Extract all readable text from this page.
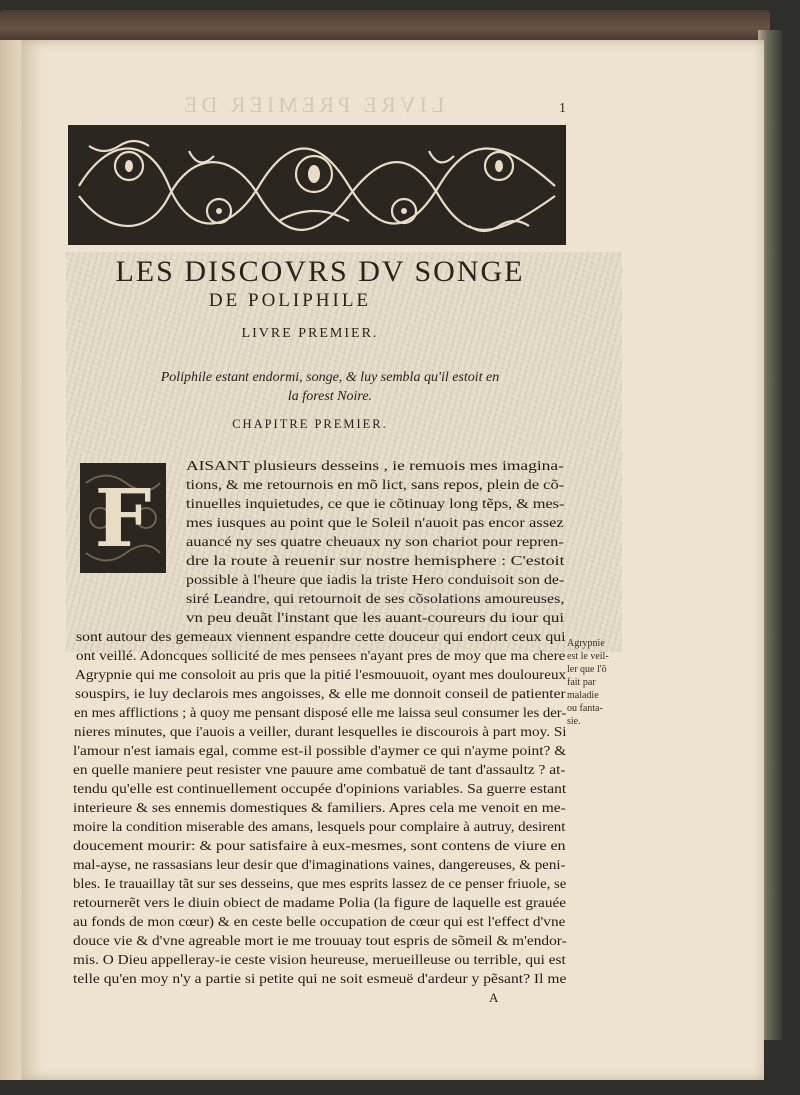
LIVRE PREMIER DE	1
LES DISCOVRS DV SONGE
DE POLIPHILE
LIVRE PREMIER.
Poliphile estant endormi, songe, & luy sembla qu'il estoit en
la forest Noire.
CHAPITRE PREMIER.
F
AISANT plusieurs desseins , ie remuois mes imagina-
tions, & me retournois en mõ lict, sans repos, plein de cõ-
tinuelles inquietudes, ce que ie cõtinuay long tẽps, & mes-
mes iusques au point que le Soleil n'auoit pas encor assez
auancé ny ses quatre cheuaux ny son chariot pour repren-
dre la route à reuenir sur nostre hemisphere : C'estoit
possible à l'heure que iadis la triste Hero conduisoit son de-
siré Leandre, qui retournoit de ses cõsolations amoureuses,
vn peu deuãt l'instant que les auant-coureurs du iour qui
sont autour des gemeaux viennent espandre cette douceur qui endort ceux qui
ont veillé. Adoncques sollicité de mes pensees n'ayant pres de moy que ma chere
Agrypnie qui me consoloit au pris que la pitié l'esmouuoit, oyant mes douloureux
souspirs, ie luy declarois mes angoisses, & elle me donnoit conseil de patienter
en mes afflictions ; à quoy me pensant disposé elle me laissa seul consumer les der-
nieres minutes, que i'auois a veiller, durant lesquelles ie discourois à part moy. Si
l'amour n'est iamais egal, comme est-il possible d'aymer ce qui n'ayme point? &
en quelle maniere peut resister vne pauure ame combatuë de tant d'assaultz ? at-
tendu qu'elle est continuellement occupée d'opinions variables. Sa guerre estant
interieure & ses ennemis domestiques & familiers. Apres cela me venoit en me-
moire la condition miserable des amans, lesquels pour complaire à autruy, desirent
doucement mourir: & pour satisfaire à eux-mesmes, sont contens de viure en
mal-ayse, ne rassasians leur desir que d'imaginations vaines, dangereuses, & peni-
bles. Ie trauaillay tãt sur ses desseins, que mes esprits lassez de ce penser friuole, se
retournerẽt vers le diuin obiect de madame Polia (la figure de laquelle est grauée
au fonds de mon cœur) & en ceste belle occupation de cœur qui est l'effect d'vne
douce vie & d'vne agreable mort ie me trouuay tout espris de sõmeil & m'endor-
mis. O Dieu appelleray-ie ceste vision heureuse, merueilleuse ou terrible, qui est
telle qu'en moy n'y a partie si petite qui ne soit esmeuë d'ardeur y pẽsant? Il me
Agrypnie
est le veil-
ler que l'õ
fait par
maladie
ou fanta-
sie.
A
